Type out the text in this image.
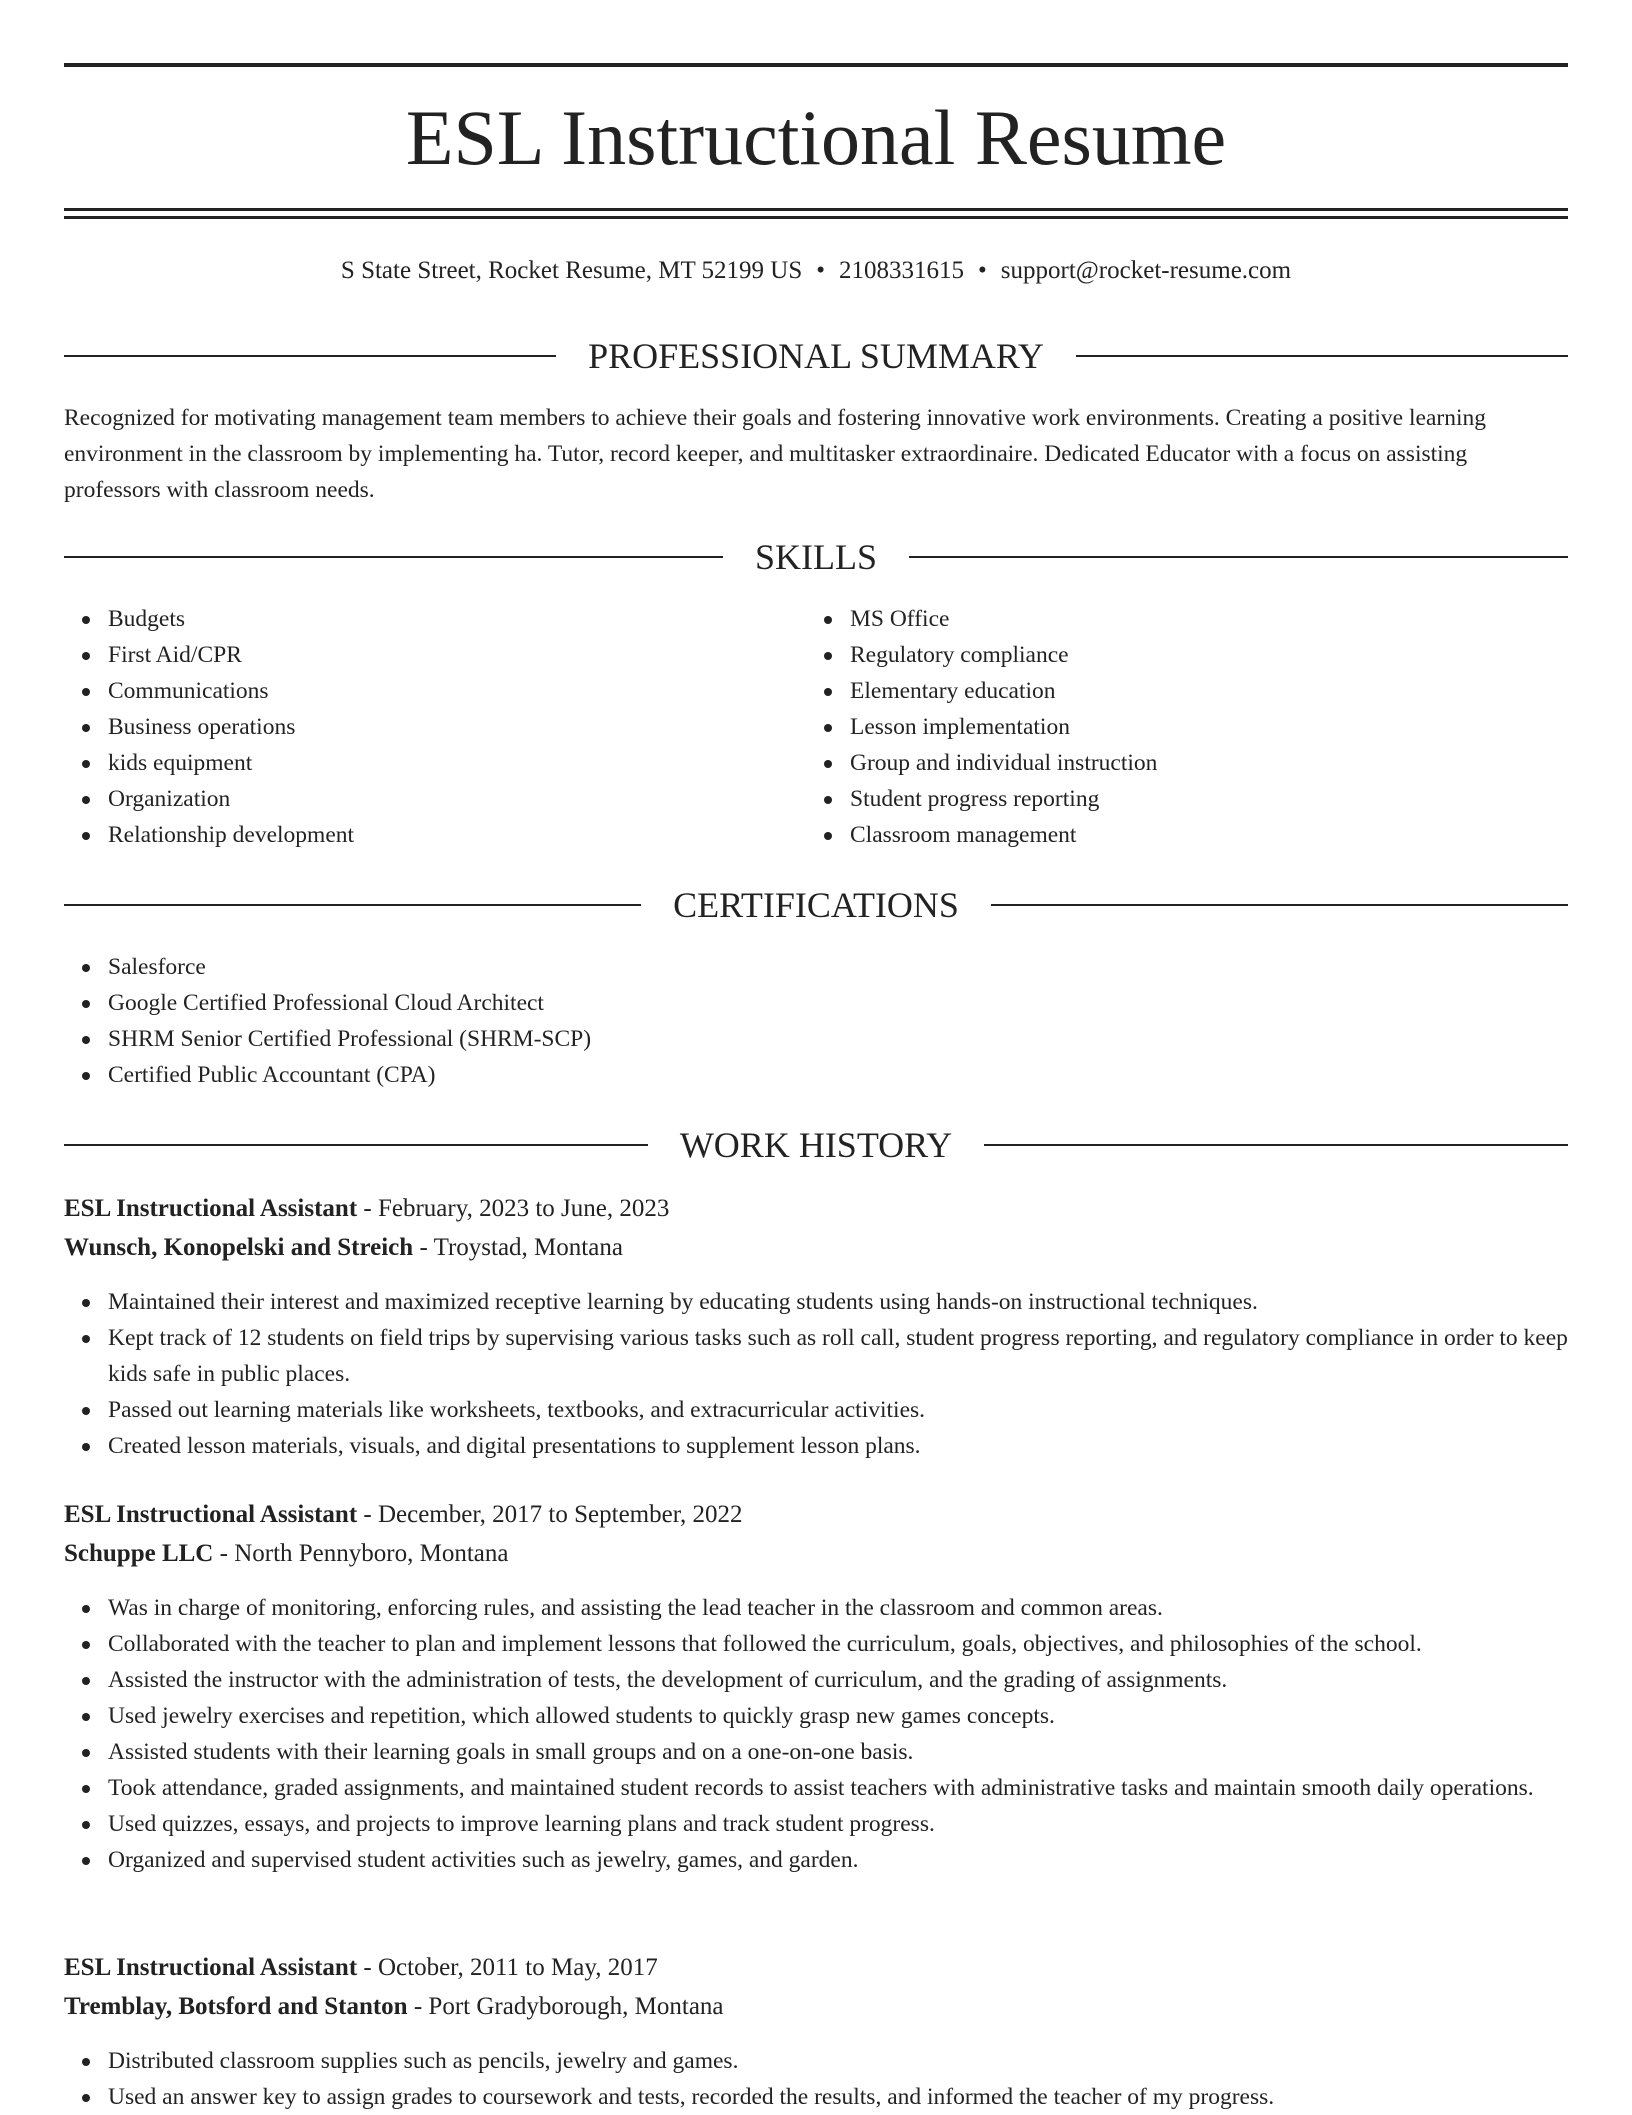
ESL Instructional Resume
S State Street, Rocket Resume, MT 52199 US • 2108331615 • support@rocket-resume.com
PROFESSIONAL SUMMARY

Recognized for motivating management team members to achieve their goals and fostering innovative work environments. Creating a positive learning environment in the classroom by implementing ha. Tutor, record keeper, and multitasker extraordinaire. Dedicated Educator with a focus on assisting professors with classroom needs.

SKILLS
Budgets
First Aid/CPR
Communications
Business operations
kids equipment
Organization
Relationship development
MS Office
Regulatory compliance
Elementary education
Lesson implementation
Group and individual instruction
Student progress reporting
Classroom management
CERTIFICATIONS
Salesforce
Google Certified Professional Cloud Architect
SHRM Senior Certified Professional (SHRM-SCP)
Certified Public Accountant (CPA)
WORK HISTORY
ESL Instructional Assistant - February, 2023 to June, 2023
Wunsch, Konopelski and Streich - Troystad, Montana
Maintained their interest and maximized receptive learning by educating students using hands-on instructional techniques.
Kept track of 12 students on field trips by supervising various tasks such as roll call, student progress reporting, and regulatory compliance in order to keep kids safe in public places.
Passed out learning materials like worksheets, textbooks, and extracurricular activities.
Created lesson materials, visuals, and digital presentations to supplement lesson plans.
ESL Instructional Assistant - December, 2017 to September, 2022
Schuppe LLC - North Pennyboro, Montana
Was in charge of monitoring, enforcing rules, and assisting the lead teacher in the classroom and common areas.
Collaborated with the teacher to plan and implement lessons that followed the curriculum, goals, objectives, and philosophies of the school.
Assisted the instructor with the administration of tests, the development of curriculum, and the grading of assignments.
Used jewelry exercises and repetition, which allowed students to quickly grasp new games concepts.
Assisted students with their learning goals in small groups and on a one-on-one basis.
Took attendance, graded assignments, and maintained student records to assist teachers with administrative tasks and maintain smooth daily operations.
Used quizzes, essays, and projects to improve learning plans and track student progress.
Organized and supervised student activities such as jewelry, games, and garden.
ESL Instructional Assistant - October, 2011 to May, 2017
Tremblay, Botsford and Stanton - Port Gradyborough, Montana
Distributed classroom supplies such as pencils, jewelry and games.
Used an answer key to assign grades to coursework and tests, recorded the results, and informed the teacher of my progress.
